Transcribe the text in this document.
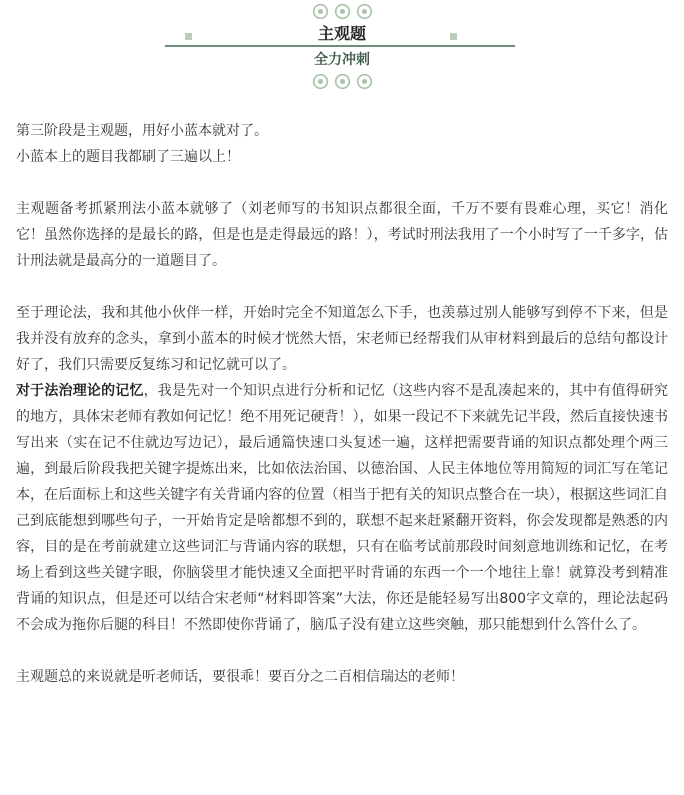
主观题
全力冲刺

第三阶段是主观题，用好小蓝本就对了。

小蓝本上的题目我都刷了三遍以上！

主观题备考抓紧刑法小蓝本就够了（刘老师写的书知识点都很全面，千万不要有畏难心理，买它！消化它！虽然你选择的是最长的路，但是也是走得最远的路！），考试时刑法我用了一个小时写了一千多字，估计刑法就是最高分的一道题目了。

至于理论法，我和其他小伙伴一样，开始时完全不知道怎么下手，也羡慕过别人能够写到停不下来，但是我并没有放弃的念头，拿到小蓝本的时候才恍然大悟，宋老师已经帮我们从审材料到最后的总结句都设计好了，我们只需要反复练习和记忆就可以了。

对于法治理论的记忆，我是先对一个知识点进行分析和记忆（这些内容不是乱凑起来的，其中有值得研究的地方，具体宋老师有教如何记忆！绝不用死记硬背！），如果一段记不下来就先记半段，然后直接快速书写出来（实在记不住就边写边记），最后通篇快速口头复述一遍，这样把需要背诵的知识点都处理个两三遍，到最后阶段我把关键字提炼出来，比如依法治国、以德治国、人民主体地位等用简短的词汇写在笔记本，在后面标上和这些关键字有关背诵内容的位置（相当于把有关的知识点整合在一块），根据这些词汇自己到底能想到哪些句子，一开始肯定是啥都想不到的，联想不起来赶紧翻开资料，你会发现都是熟悉的内容，目的是在考前就建立这些词汇与背诵内容的联想，只有在临考试前那段时间刻意地训练和记忆，在考场上看到这些关键字眼，你脑袋里才能快速又全面把平时背诵的东西一个一个地往上靠！就算没考到精准背诵的知识点，但是还可以结合宋老师“材料即答案”大法，你还是能轻易写出800字文章的，理论法起码不会成为拖你后腿的科目！不然即使你背诵了，脑瓜子没有建立这些突触，那只能想到什么答什么了。

主观题总的来说就是听老师话，要很乖！要百分之二百相信瑞达的老师！
